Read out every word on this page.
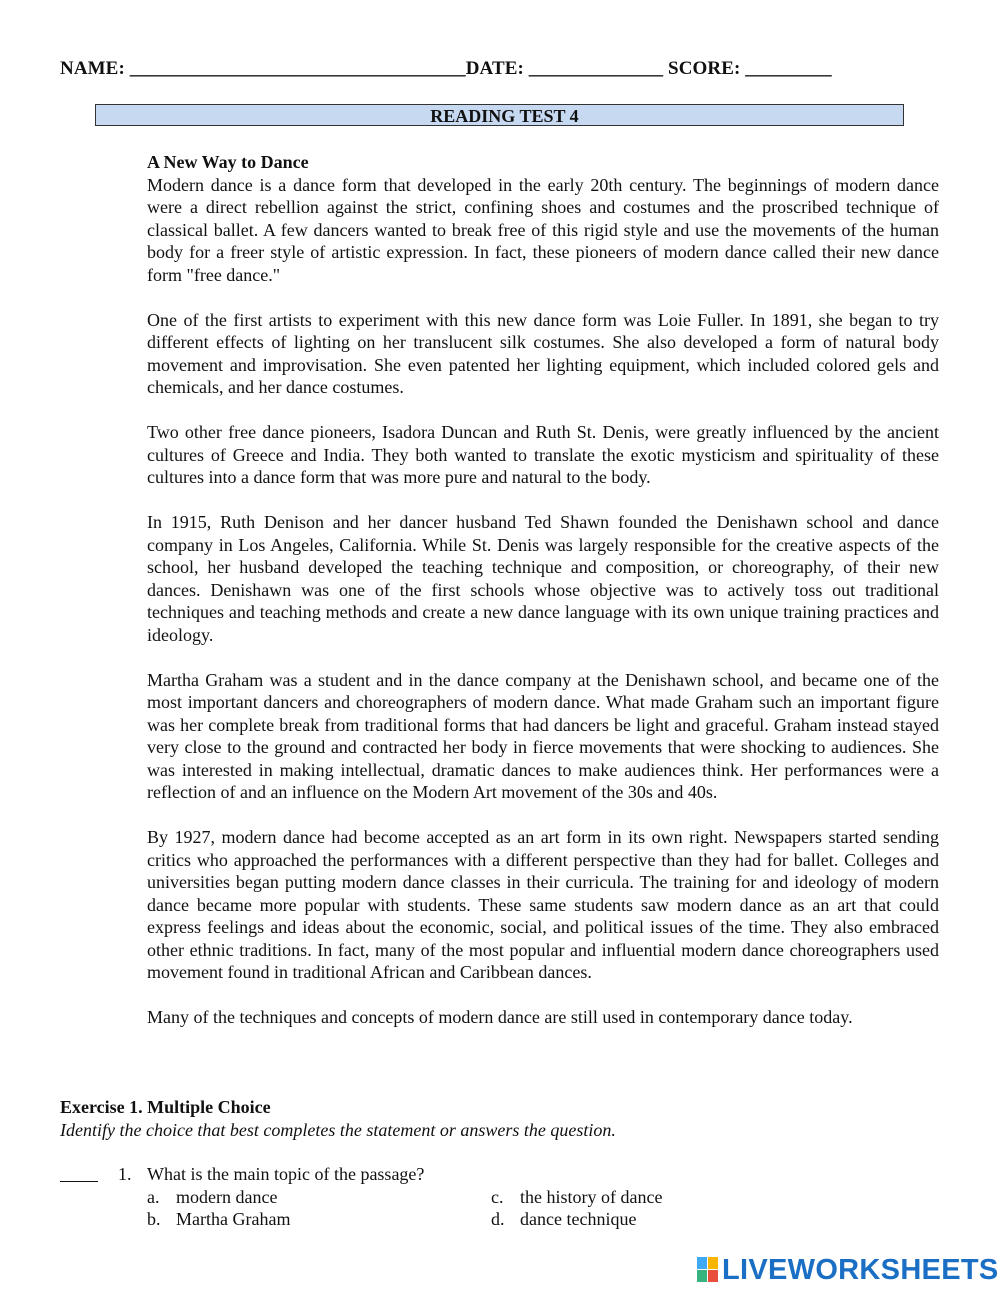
NAME: ___________________________________DATE: ______________ SCORE: _________
READING TEST 4
A New Way to Dance

Modern dance is a dance form that developed in the early 20th century. The beginnings of modern dance were a direct rebellion against the strict, confining shoes and costumes and the proscribed technique of classical ballet. A few dancers wanted to break free of this rigid style and use the movements of the human body for a freer style of artistic expression. In fact, these pioneers of modern dance called their new dance form "free dance."

One of the first artists to experiment with this new dance form was Loie Fuller. In 1891, she began to try different effects of lighting on her translucent silk costumes. She also developed a form of natural body movement and improvisation. She even patented her lighting equipment, which included colored gels and chemicals, and her dance costumes.

Two other free dance pioneers, Isadora Duncan and Ruth St. Denis, were greatly influenced by the ancient cultures of Greece and India. They both wanted to translate the exotic mysticism and spirituality of these cultures into a dance form that was more pure and natural to the body.

In 1915, Ruth Denison and her dancer husband Ted Shawn founded the Denishawn school and dance company in Los Angeles, California. While St. Denis was largely responsible for the creative aspects of the school, her husband developed the teaching technique and composition, or choreography, of their new dances. Denishawn was one of the first schools whose objective was to actively toss out traditional techniques and teaching methods and create a new dance language with its own unique training practices and ideology.

Martha Graham was a student and in the dance company at the Denishawn school, and became one of the most important dancers and choreographers of modern dance. What made Graham such an important figure was her complete break from traditional forms that had dancers be light and graceful. Graham instead stayed very close to the ground and contracted her body in fierce movements that were shocking to audiences. She was interested in making intellectual, dramatic dances to make audiences think. Her performances were a reflection of and an influence on the Modern Art movement of the 30s and 40s.

By 1927, modern dance had become accepted as an art form in its own right. Newspapers started sending critics who approached the performances with a different perspective than they had for ballet. Colleges and universities began putting modern dance classes in their curricula. The training for and ideology of modern dance became more popular with students. These same students saw modern dance as an art that could express feelings and ideas about the economic, social, and political issues of the time. They also embraced other ethnic traditions. In fact, many of the most popular and influential modern dance choreographers used movement found in traditional African and Caribbean dances.

Many of the techniques and concepts of modern dance are still used in contemporary dance today.

Exercise 1. Multiple Choice
Identify the choice that best completes the statement or answers the question.
1. What is the main topic of the passage?
a. modern dance
b. Martha Graham
c. the history of dance
d. dance technique
LIVEWORKSHEETS
